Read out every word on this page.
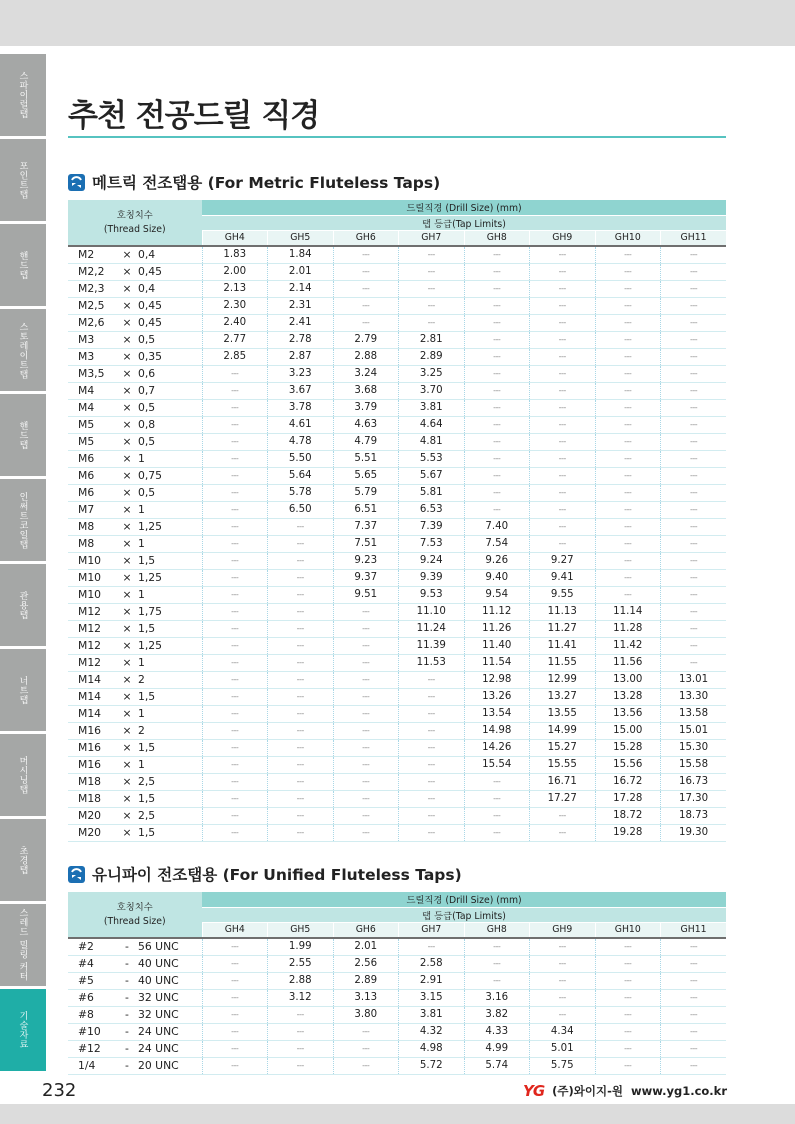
스파이럴탭
포인트탭
핸드탭
스토레이트탭
핸드탭
인써트코일탭
관용탭
너트탭
머시닝탭
초경탭
스레드 밀링 커터
기술자료
추천 전공드릴 직경
메트릭 전조탭용 (For Metric Fluteless Taps)
호칭치수
(Thread Size)	드릴직경 (Drill Size) (mm)							
	탭 등급(Tap Limits)							
	GH4	GH5	GH6	GH7	GH8	GH9	GH10	GH11
M2 × 0,4	1.83	1.84	---	---	---	---	---	---
M2,2 × 0,45	2.00	2.01	---	---	---	---	---	---
M2,3 × 0,4	2.13	2.14	---	---	---	---	---	---
M2,5 × 0,45	2.30	2.31	---	---	---	---	---	---
M2,6 × 0,45	2.40	2.41	---	---	---	---	---	---
M3 × 0,5	2.77	2.78	2.79	2.81	---	---	---	---
M3 × 0,35	2.85	2.87	2.88	2.89	---	---	---	---
M3,5 × 0,6	---	3.23	3.24	3.25	---	---	---	---
M4 × 0,7	---	3.67	3.68	3.70	---	---	---	---
M4 × 0,5	---	3.78	3.79	3.81	---	---	---	---
M5 × 0,8	---	4.61	4.63	4.64	---	---	---	---
M5 × 0,5	---	4.78	4.79	4.81	---	---	---	---
M6 × 1	---	5.50	5.51	5.53	---	---	---	---
M6 × 0,75	---	5.64	5.65	5.67	---	---	---	---
M6 × 0,5	---	5.78	5.79	5.81	---	---	---	---
M7 × 1	---	6.50	6.51	6.53	---	---	---	---
M8 × 1,25	---	---	7.37	7.39	7.40	---	---	---
M8 × 1	---	---	7.51	7.53	7.54	---	---	---
M10 × 1,5	---	---	9.23	9.24	9.26	9.27	---	---
M10 × 1,25	---	---	9.37	9.39	9.40	9.41	---	---
M10 × 1	---	---	9.51	9.53	9.54	9.55	---	---
M12 × 1,75	---	---	---	11.10	11.12	11.13	11.14	---
M12 × 1,5	---	---	---	11.24	11.26	11.27	11.28	---
M12 × 1,25	---	---	---	11.39	11.40	11.41	11.42	---
M12 × 1	---	---	---	11.53	11.54	11.55	11.56	---
M14 × 2	---	---	---	---	12.98	12.99	13.00	13.01
M14 × 1,5	---	---	---	---	13.26	13.27	13.28	13.30
M14 × 1	---	---	---	---	13.54	13.55	13.56	13.58
M16 × 2	---	---	---	---	14.98	14.99	15.00	15.01
M16 × 1,5	---	---	---	---	14.26	15.27	15.28	15.30
M16 × 1	---	---	---	---	15.54	15.55	15.56	15.58
M18 × 2,5	---	---	---	---	---	16.71	16.72	16.73
M18 × 1,5	---	---	---	---	---	17.27	17.28	17.30
M20 × 2,5	---	---	---	---	---	---	18.72	18.73
M20 × 1,5	---	---	---	---	---	---	19.28	19.30
유니파이 전조탭용 (For Unified Fluteless Taps)
호칭치수
(Thread Size)	드릴직경 (Drill Size) (mm)							
	탭 등급(Tap Limits)							
	GH4	GH5	GH6	GH7	GH8	GH9	GH10	GH11
#2 - 56 UNC	---	1.99	2.01	---	---	---	---	---
#4 - 40 UNC	---	2.55	2.56	2.58	---	---	---	---
#5 - 40 UNC	---	2.88	2.89	2.91	---	---	---	---
#6 - 32 UNC	---	3.12	3.13	3.15	3.16	---	---	---
#8 - 32 UNC	---	---	3.80	3.81	3.82	---	---	---
#10 - 24 UNC	---	---	---	4.32	4.33	4.34	---	---
#12 - 24 UNC	---	---	---	4.98	4.99	5.01	---	---
1/4 - 20 UNC	---	---	---	5.72	5.74	5.75	---	---
232	YG (주)와이지-원 www.yg1.co.kr
